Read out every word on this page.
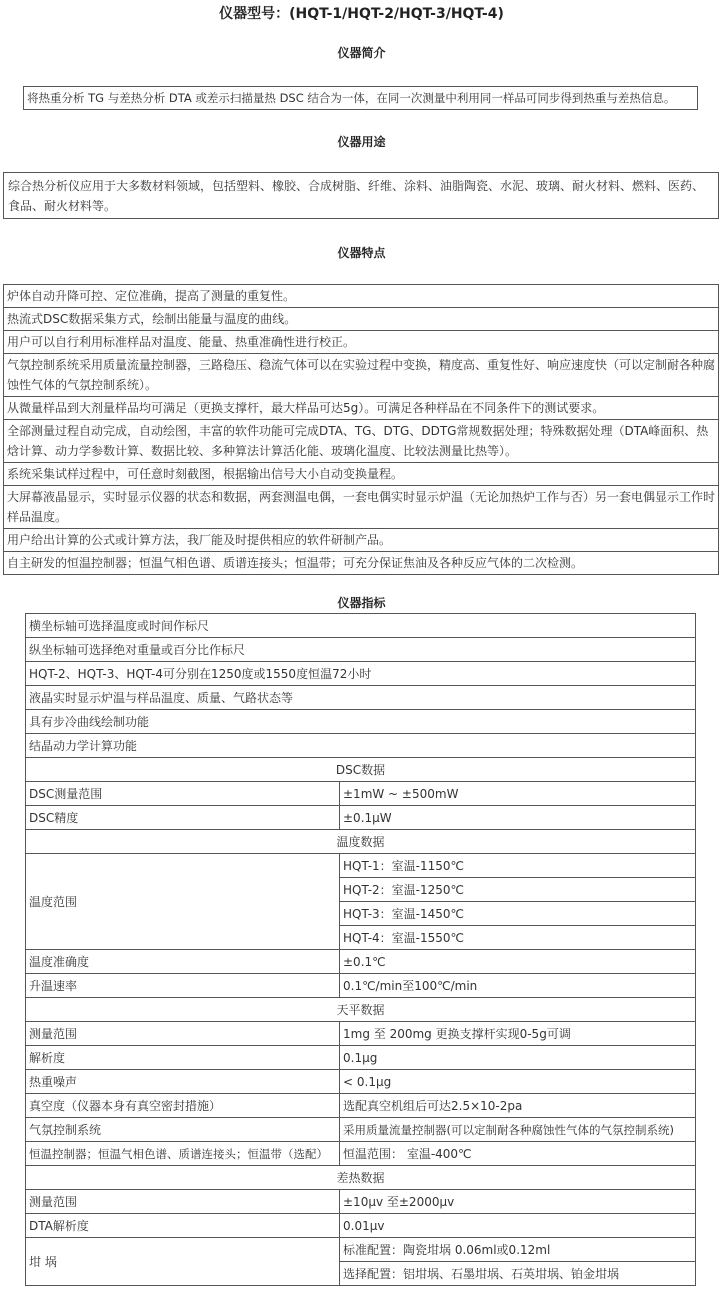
仪器型号：(HQT-1/HQT-2/HQT-3/HQT-4)
仪器简介
将热重分析 TG 与差热分析 DTA 或差示扫描量热 DSC 结合为一体，在同一次测量中利用同一样品可同步得到热重与差热信息。
仪器用途
综合热分析仪应用于大多数材料领域，包括塑料、橡胶、合成树脂、纤维、涂料、油脂陶瓷、水泥、玻璃、耐火材料、燃料、医药、食品、耐火材料等。
仪器特点
炉体自动升降可控、定位准确，提高了测量的重复性。
热流式DSC数据采集方式，绘制出能量与温度的曲线。
用户可以自行利用标准样品对温度、能量、热重准确性进行校正。
气氛控制系统采用质量流量控制器，三路稳压、稳流气体可以在实验过程中变换，精度高、重复性好、响应速度快（可以定制耐各种腐蚀性气体的气氛控制系统）。
从微量样品到大剂量样品均可满足（更换支撑杆，最大样品可达5g）。可满足各种样品在不同条件下的测试要求。
全部测量过程自动完成，自动绘图，丰富的软件功能可完成DTA、TG、DTG、DDTG常规数据处理；特殊数据处理（DTA峰面积、热焓计算、动力学参数计算、数据比较、多种算法计算活化能、玻璃化温度、比较法测量比热等）。
系统采集试样过程中，可任意时刻截图，根据输出信号大小自动变换量程。
大屏幕液晶显示，实时显示仪器的状态和数据，两套测温电偶，一套电偶实时显示炉温（无论加热炉工作与否）另一套电偶显示工作时样品温度。
用户给出计算的公式或计算方法，我厂能及时提供相应的软件研制产品。
自主研发的恒温控制器；恒温气相色谱、质谱连接头；恒温带；可充分保证焦油及各种反应气体的二次检测。
仪器指标
横坐标轴可选择温度或时间作标尺	
纵坐标轴可选择绝对重量或百分比作标尺	
HQT-2、HQT-3、HQT-4可分别在1250度或1550度恒温72小时	
液晶实时显示炉温与样品温度、质量、气路状态等	
具有步冷曲线绘制功能	
结晶动力学计算功能	
DSC数据	
DSC测量范围	±1mW ~ ±500mW
DSC精度	±0.1μW
温度数据	
温度范围	HQT-1：室温-1150℃
	HQT-2：室温-1250℃
	HQT-3：室温-1450℃
	HQT-4：室温-1550℃
温度准确度	±0.1℃
升温速率	0.1℃/min至100℃/min
天平数据	
测量范围	1mg 至 200mg 更换支撑杆实现0-5g可调
解析度	0.1μg
热重噪声	< 0.1μg
真空度（仪器本身有真空密封措施）	选配真空机组后可达2.5×10-2pa
气氛控制系统	采用质量流量控制器(可以定制耐各种腐蚀性气体的气氛控制系统)
恒温控制器；恒温气相色谱、质谱连接头；恒温带（选配）	恒温范围： 室温-400℃
差热数据	
测量范围	±10μv 至±2000μv
DTA解析度	0.01μv
坩 埚	标准配置：陶瓷坩埚 0.06ml或0.12ml
	选择配置：铝坩埚、石墨坩埚、石英坩埚、铂金坩埚
